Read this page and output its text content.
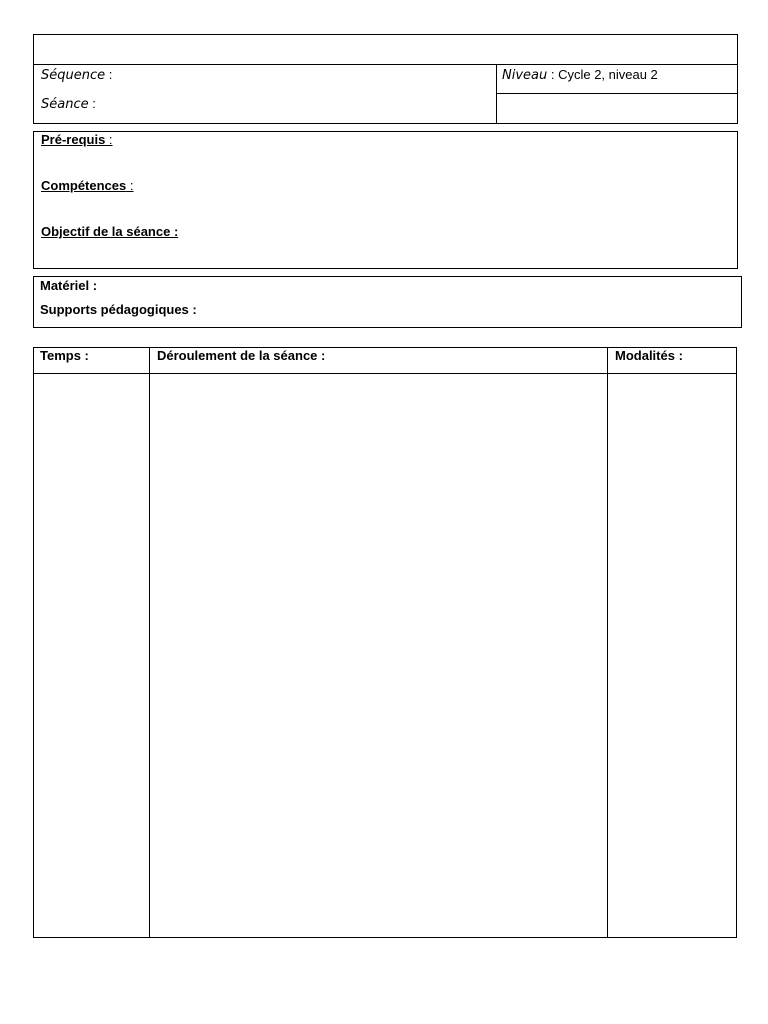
Séquence :
Séance :
Niveau : Cycle 2, niveau 2
Pré-requis :
Compétences :
Objectif de la séance :
Matériel :
Supports pédagogiques :
Temps :	Déroulement de la séance :	Modalités :
